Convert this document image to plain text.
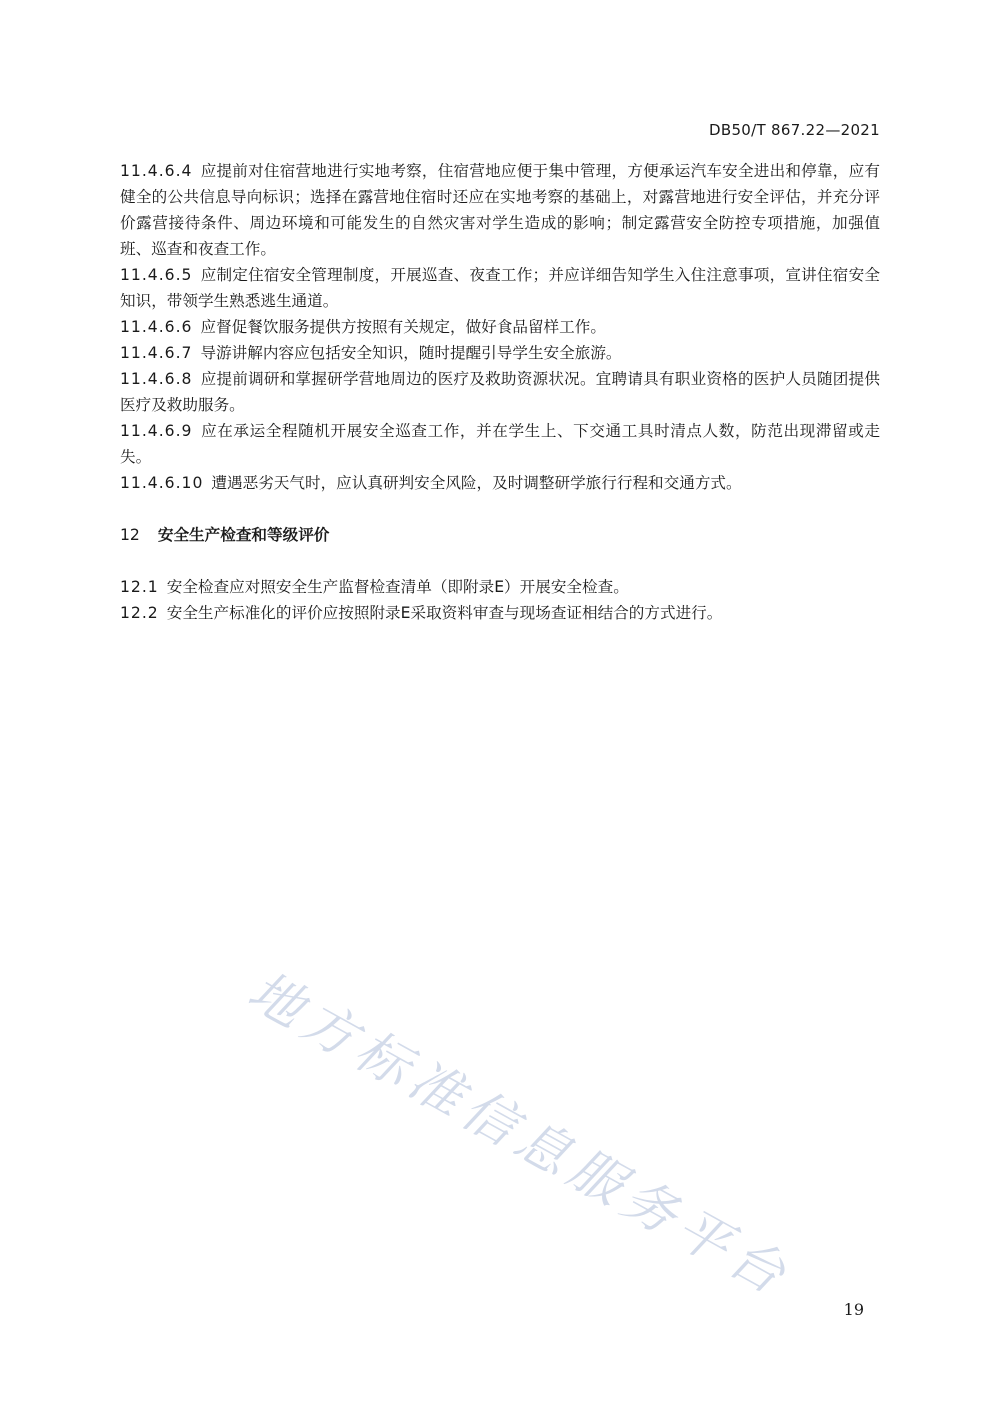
DB50/T 867.22—2021

11.4.6.4 应提前对住宿营地进行实地考察，住宿营地应便于集中管理，方便承运汽车安全进出和停靠，应有健全的公共信息导向标识；选择在露营地住宿时还应在实地考察的基础上，对露营地进行安全评估，并充分评价露营接待条件、周边环境和可能发生的自然灾害对学生造成的影响；制定露营安全防控专项措施，加强值班、巡查和夜查工作。

11.4.6.5 应制定住宿安全管理制度，开展巡查、夜查工作；并应详细告知学生入住注意事项，宣讲住宿安全知识，带领学生熟悉逃生通道。

11.4.6.6 应督促餐饮服务提供方按照有关规定，做好食品留样工作。

11.4.6.7 导游讲解内容应包括安全知识，随时提醒引导学生安全旅游。

11.4.6.8 应提前调研和掌握研学营地周边的医疗及救助资源状况。宜聘请具有职业资格的医护人员随团提供医疗及救助服务。

11.4.6.9 应在承运全程随机开展安全巡查工作，并在学生上、下交通工具时清点人数，防范出现滞留或走失。

11.4.6.10 遭遇恶劣天气时，应认真研判安全风险，及时调整研学旅行行程和交通方式。

12 安全生产检查和等级评价

12.1 安全检查应对照安全生产监督检查清单（即附录E）开展安全检查。

12.2 安全生产标准化的评价应按照附录E采取资料审查与现场查证相结合的方式进行。

地方标准信息服务平台
19
